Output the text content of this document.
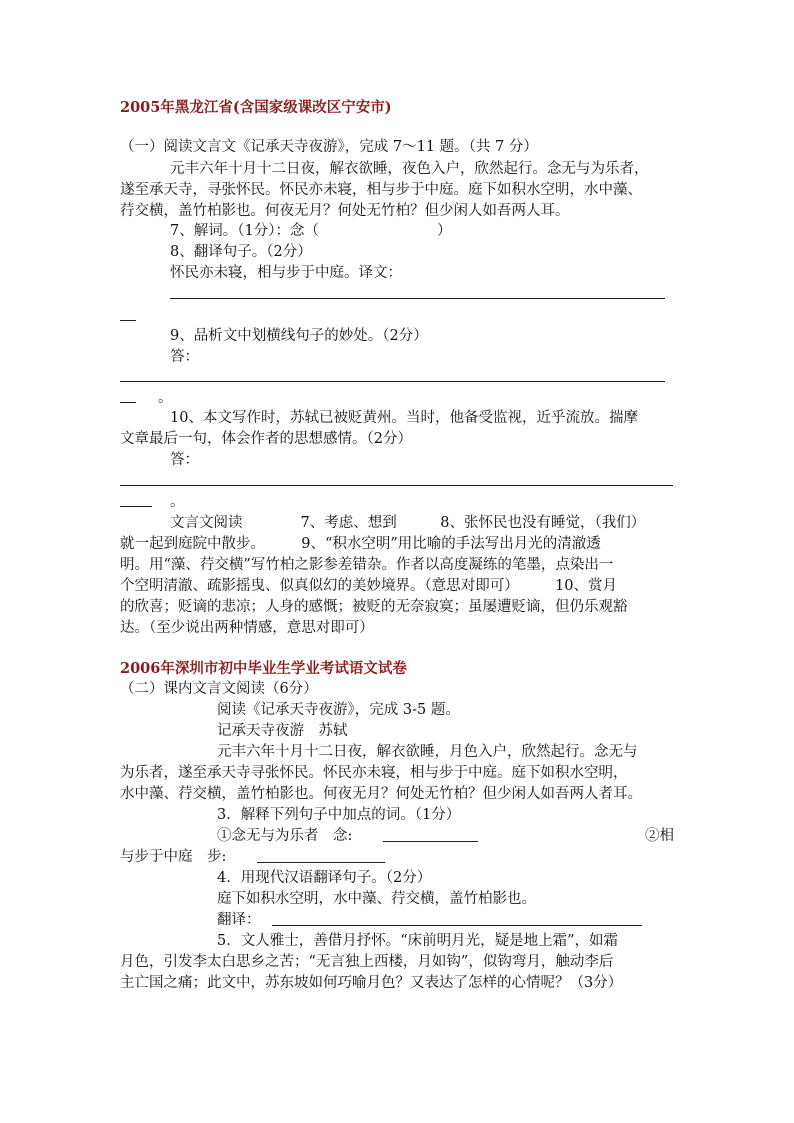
2005年黑龙江省(含国家级课改区宁安市)
（一）阅读文言文《记承天寺夜游》，完成 7～11 题。（共 7 分）
元丰六年十月十二日夜，解衣欲睡，夜色入户，欣然起行。念无与为乐者，
遂至承天寺，寻张怀民。怀民亦未寝，相与步于中庭。庭下如积水空明，水中藻、
荇交横，盖竹柏影也。何夜无月？何处无竹柏？但少闲人如吾两人耳。
7、解词。（1分）：念（	）
8、翻译句子。（2分）
怀民亦未寝，相与步于中庭。译文：
9、品析文中划横线句子的妙处。（2分）
答：
。
10、本文写作时，苏轼已被贬黄州。当时，他备受监视，近乎流放。揣摩
文章最后一句，体会作者的思想感情。（2分）
答：
。
文言文阅读　　　　7、考虑、想到　　　8、张怀民也没有睡觉，（我们）
就一起到庭院中散步。　　　9、“积水空明”用比喻的手法写出月光的清澈透
明。用“藻、荇交横”写竹柏之影参差错杂。作者以高度凝练的笔墨，点染出一
个空明清澈、疏影摇曳、似真似幻的美妙境界。（意思对即可）　　　10、赏月
的欣喜；贬谪的悲凉；人身的感慨；被贬的无奈寂寞；虽屡遭贬谪，但仍乐观豁
达。（至少说出两种情感，意思对即可）
2006年深圳市初中毕业生学业考试语文试卷
（二）课内文言文阅读（6分）
阅读《记承天寺夜游》，完成 3-5 题。
记承天寺夜游　苏轼
元丰六年十月十二日夜，解衣欲睡，月色入户，欣然起行。念无与
为乐者，遂至承天寺寻张怀民。怀民亦未寝，相与步于中庭。庭下如积水空明，
水中藻、荇交横，盖竹柏影也。何夜无月？何处无竹柏？但少闲人如吾两人者耳。
3．解释下列句子中加点的词。（1分）
①念无与为乐者　念:	②相
与步于中庭　步:
4．用现代汉语翻译句子。（2分）
庭下如积水空明，水中藻、荇交横，盖竹柏影也。
翻译：
5．文人雅士，善借月抒怀。“床前明月光，疑是地上霜”，如霜
月色，引发李太白思乡之苦；“无言独上西楼，月如钩”，似钩弯月，触动李后
主亡国之痛；此文中，苏东坡如何巧喻月色？又表达了怎样的心情呢？（3分）
